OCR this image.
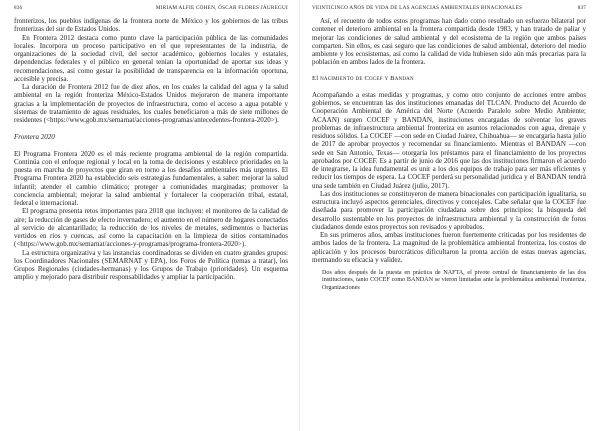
836	MIRIAM ALFIE COHEN, ÓSCAR FLORES JÁUREGUI

fronterizos, los pueblos indígenas de la frontera norte de México y los gobiernos de las tribus fronterizas del sur de Estados Unidos.

En Frontera 2012 destaca como punto clave la participación pública de las comunidades locales. Incorpora un proceso participativo en el que representantes de la industria, de organizaciones de la sociedad civil, del sector académico, gobiernos locales y estatales, dependencias federales y el público en general tenían la oportunidad de aportar sus ideas y recomendaciones, así como gestar la posibilidad de transparencia en la información oportuna, accesible y precisa.

La duración de Frontera 2012 fue de diez años, en los cuales la calidad del agua y la salud ambiental en la región fronteriza México-Estados Unidos mejoraron de manera importante gracias a la implementación de proyectos de infraestructura, como el acceso a agua potable y sistemas de tratamiento de aguas residuales, los cuales beneficiaron a más de siete millones de residentes (<https://www.gob.mx/semarnat/acciones-programas/antecedentes-frontera-2020>).

Frontera 2020

El Programa Frontera 2020 es el más reciente programa ambiental de la región compartida. Continúa con el enfoque regional y local en la toma de decisiones y establece prioridades en la puesta en marcha de proyectos que giran en torno a los desafíos ambientales más urgentes. El Programa Frontera 2020 ha establecido seis estrategias fundamentales, a saber: mejorar la salud infantil; atender el cambio climático; proteger a comunidades marginadas; promover la conciencia ambiental; mejorar la salud ambiental y fortalecer la cooperación tribal, estatal, federal e internacional.

El programa presenta retos importantes para 2018 que incluyen: el monitoreo de la calidad de aire; la reducción de gases de efecto invernadero; el aumento en el número de hogares conectados al servicio de alcantarillado; la reducción de los niveles de metales, sedimentos o bacterias vertidos en ríos y cuencas, así como la capacitación en la limpieza de sitios contaminados (<https://www.gob.mx/semarnat/acciones-y-programas/programa-frontera-2020>).

La estructura organizativa y las instancias coordinadoras se dividen en cuatro grandes grupos: los Coordinadores Nacionales (SEMARNAT y EPA), los Foros de Política (temas a tratar), los Grupos Regionales (ciudades-hermanas) y los Grupos de Trabajo (prioridades). Un esquema amplio y mejorado para distribuir responsabilidades y ampliar la participación.

VEINTICINCO AÑOS DE VIDA DE LAS AGENCIAS AMBIENTALES BINACIONALES	837

Así, el recuento de todos estos programas han dado como resultado un esfuerzo bilateral por contener el deterioro ambiental en la frontera compartida desde 1983, y han tratado de paliar y mejorar las condiciones de salud ambiental y del ecosistema de la región que ambos países comparten. Sin ellos, es casi seguro que las condiciones de salud ambiental, deterioro del medio ambiente y los ecosistemas, así como la calidad de vida hubiesen sido aún más precarias para la población en ambos lados de la frontera.

El nacimiento de Cocef y Bandan

Acompañando a estas medidas y programas, y como otro conjunto de acciones entre ambos gobiernos, se encuentran las dos instituciones emanadas del TLCAN. Producto del Acuerdo de Cooperación Ambiental de América del Norte (Acuerdo Paralelo sobre Medio Ambiente; ACAAN) surgen COCEF y BANDAN, instituciones encargadas de solventar los graves problemas de infraestructura ambiental fronteriza en asuntos relacionados con agua, drenaje y residuos sólidos. La COCEF —con sede en Ciudad Juárez, Chihuahua— se encargaría hasta julio de 2017 de aprobar proyectos y recomendar su financiamiento. Mientras el BANDAN —con sede en San Antonio, Texas— otorgaría los préstamos para el financiamiento de los proyectos aprobados por COCEF. Es a partir de junio de 2016 que las dos instituciones firmaron el acuerdo de integrarse, la idea fundamental es unir a los dos equipos de trabajo para ser más eficientes y reducir los tiempos de espera. La COCEF perderá su personalidad jurídica y el BANDAN tendrá una sede también en Ciudad Juárez (julio, 2017).

Las dos instituciones se constituyeron de manera binacionales con participación igualitaria, su estructura incluyó aspectos gerenciales, directivos y concejales. Cabe señalar que la COCEF fue diseñada para promover la participación ciudadana sobre dos principios: la búsqueda del desarrollo sustentable en los proyectos de infraestructura ambiental y la construcción de foros ciudadanos donde estos proyectos son revisados y aprobados.

En sus primeros años, ambas instituciones fueron fuertemente criticadas por los residentes de ambos lados de la frontera. La magnitud de la problemática ambiental fronteriza, los costos de aplicación y los procesos burocráticos dificultaron la pronta acción de estas nuevas agencias, mermando su eficacia y validez.

Dos años después de la puesta en práctica de NAFTA, el pivote central de financiamiento de las dos instituciones, tanto COCEF como BANDAN se vieron limitadas ante la problemática ambiental fronteriza. Organizaciones
